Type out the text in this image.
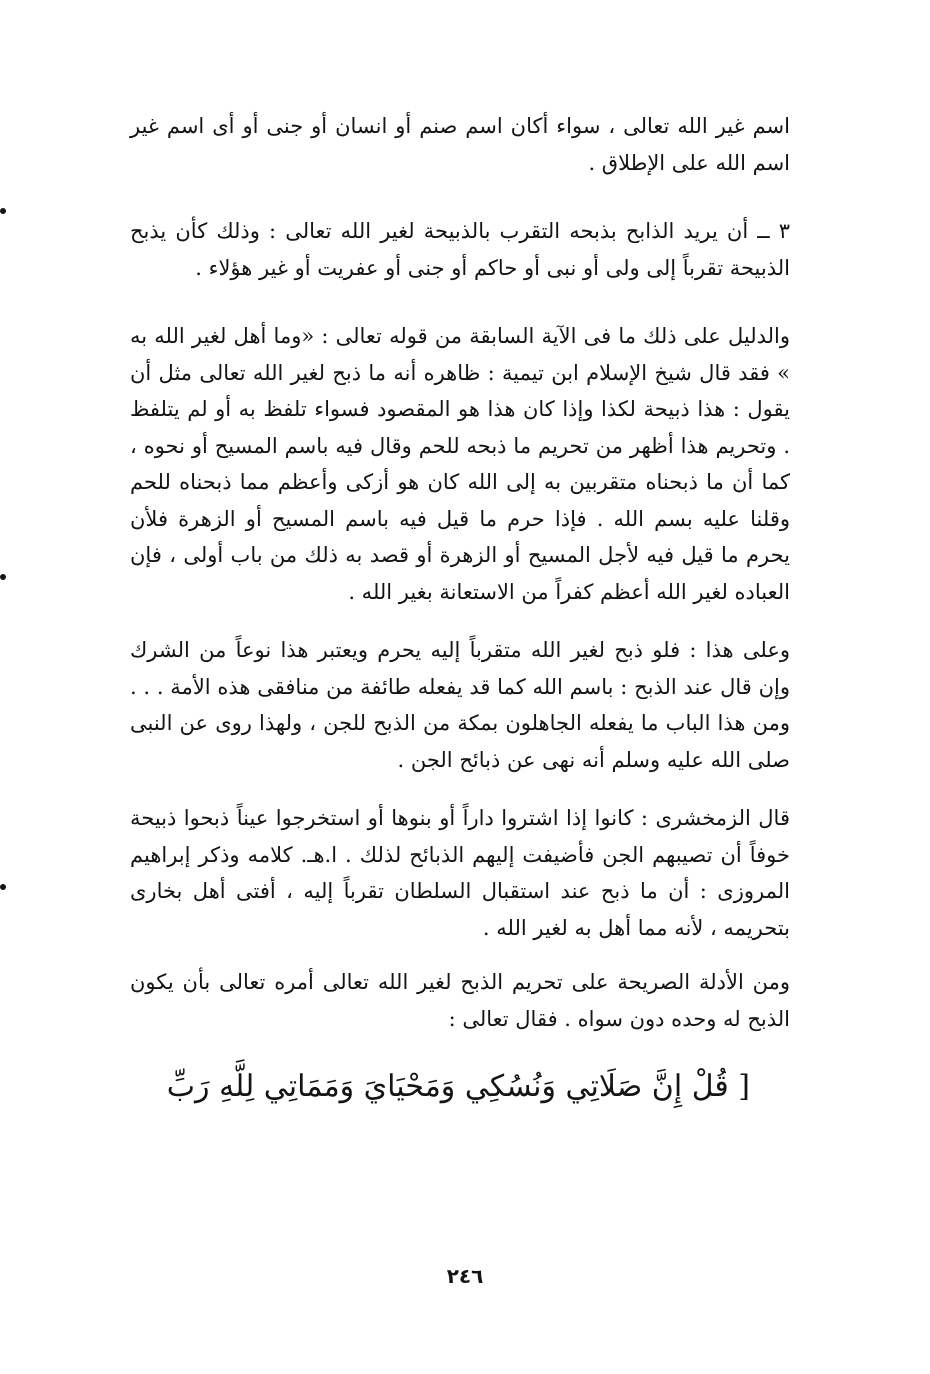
اسم غير الله تعالى ، سواء أكان اسم صنم أو انسان أو جنى أو أى اسم غير اسم الله على الإطلاق .

٣ ــ أن يريد الذابح بذبحه التقرب بالذبيحة لغير الله تعالى : وذلك كأن يذبح الذبيحة تقرباً إلى ولى أو نبى أو حاكم أو جنى أو عفريت أو غير هؤلاء .

والدليل على ذلك ما فى الآية السابقة من قوله تعالى : «وما أهل لغير الله به » فقد قال شيخ الإسلام ابن تيمية : ظاهره أنه ما ذبح لغير الله تعالى مثل أن يقول : هذا ذبيحة لكذا وإذا كان هذا هو المقصود فسواء تلفظ به أو لم يتلفظ . وتحريم هذا أظهر من تحريم ما ذبحه للحم وقال فيه باسم المسيح أو نحوه ، كما أن ما ذبحناه متقربين به إلى الله كان هو أزكى وأعظم مما ذبحناه للحم وقلنا عليه بسم الله . فإذا حرم ما قيل فيه باسم المسيح أو الزهرة فلأن يحرم ما قيل فيه لأجل المسيح أو الزهرة أو قصد به ذلك من باب أولى ، فإن العباده لغير الله أعظم كفراً من الاستعانة بغير الله .

وعلى هذا : فلو ذبح لغير الله متقرباً إليه يحرم ويعتبر هذا نوعاً من الشرك وإن قال عند الذبح : باسم الله كما قد يفعله طائفة من منافقى هذه الأمة . . . ومن هذا الباب ما يفعله الجاهلون بمكة من الذبح للجن ، ولهذا روى عن النبى صلى الله عليه وسلم أنه نهى عن ذبائح الجن .

قال الزمخشرى : كانوا إذا اشتروا داراً أو بنوها أو استخرجوا عيناً ذبحوا ذبيحة خوفاً أن تصيبهم الجن فأضيفت إليهم الذبائح لذلك . ا.هـ. كلامه وذكر إبراهيم المروزى : أن ما ذبح عند استقبال السلطان تقرباً إليه ، أفتى أهل بخارى بتحريمه ، لأنه مما أهل به لغير الله .

ومن الأدلة الصريحة على تحريم الذبح لغير الله تعالى أمره تعالى بأن يكون الذبح له وحده دون سواه . فقال تعالى :

[ قُلْ إِنَّ صَلَاتِي وَنُسُكِي وَمَحْيَايَ وَمَمَاتِي لِلَّهِ رَبِّ

٢٤٦
